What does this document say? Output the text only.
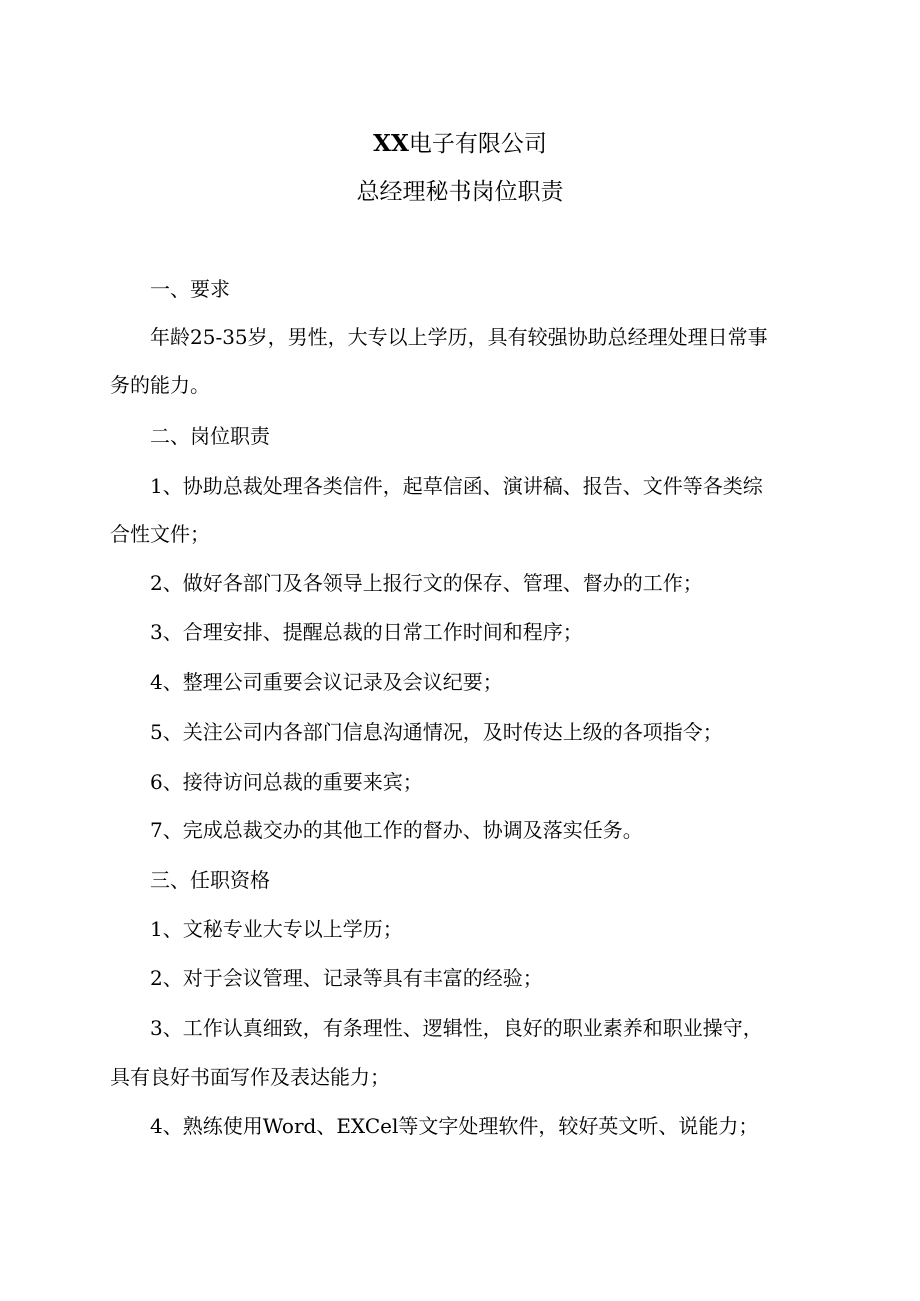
XX电子有限公司
总经理秘书岗位职责
一、要求
年龄25-35岁，男性，大专以上学历，具有较强协助总经理处理日常事
务的能力。
二、岗位职责
1、协助总裁处理各类信件，起草信函、演讲稿、报告、文件等各类综
合性文件；
2、做好各部门及各领导上报行文的保存、管理、督办的工作；
3、合理安排、提醒总裁的日常工作时间和程序；
4、整理公司重要会议记录及会议纪要；
5、关注公司内各部门信息沟通情况，及时传达上级的各项指令；
6、接待访问总裁的重要来宾；
7、完成总裁交办的其他工作的督办、协调及落实任务。
三、任职资格
1、文秘专业大专以上学历；
2、对于会议管理、记录等具有丰富的经验；
3、工作认真细致，有条理性、逻辑性，良好的职业素养和职业操守，
具有良好书面写作及表达能力；
4、熟练使用Word、EXCel等文字处理软件，较好英文听、说能力；
